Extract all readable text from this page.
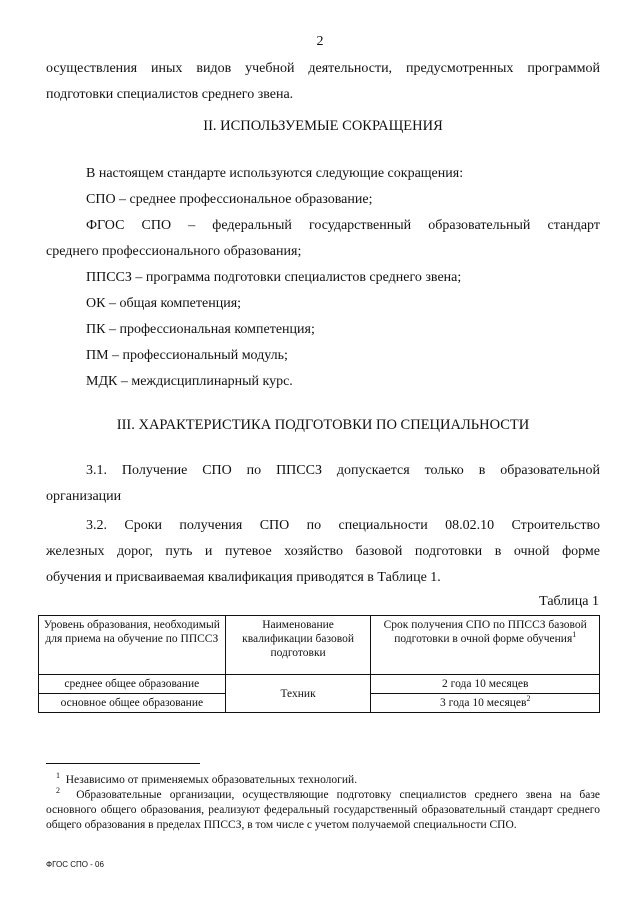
2

осуществления иных видов учебной деятельности, предусмотренных программой

подготовки специалистов среднего звена.

II. ИСПОЛЬЗУЕМЫЕ СОКРАЩЕНИЯ

В настоящем стандарте используются следующие сокращения:

СПО – среднее профессиональное образование;

ФГОС СПО – федеральный государственный образовательный стандарт

среднего профессионального образования;

ППССЗ – программа подготовки специалистов среднего звена;

ОК – общая компетенция;

ПК – профессиональная компетенция;

ПМ – профессиональный модуль;

МДК – междисциплинарный курс.

III. ХАРАКТЕРИСТИКА ПОДГОТОВКИ ПО СПЕЦИАЛЬНОСТИ

3.1. Получение СПО по ППССЗ допускается только в образовательной

организации

3.2. Сроки получения СПО по специальности 08.02.10 Строительство

железных дорог, путь и путевое хозяйство базовой подготовки в очной форме

обучения и присваиваемая квалификация приводятся в Таблице 1.

Таблица 1
Уровень образования, необходимый для приема на обучение по ППССЗ	Наименование квалификации базовой подготовки	Срок получения СПО по ППССЗ базовой подготовки в очной форме обучения$^1$
среднее общее образование	Техник	2 года 10 месяцев
основное общее образование		3 года 10 месяцев$^2$
$^1$ Независимо от применяемых образовательных технологий.
$^2$ Образовательные организации, осуществляющие подготовку специалистов среднего звена на базе основного общего образования, реализуют федеральный государственный образовательный стандарт среднего общего образования в пределах ППССЗ, в том числе с учетом получаемой специальности СПО.
ФГОС СПО - 06
